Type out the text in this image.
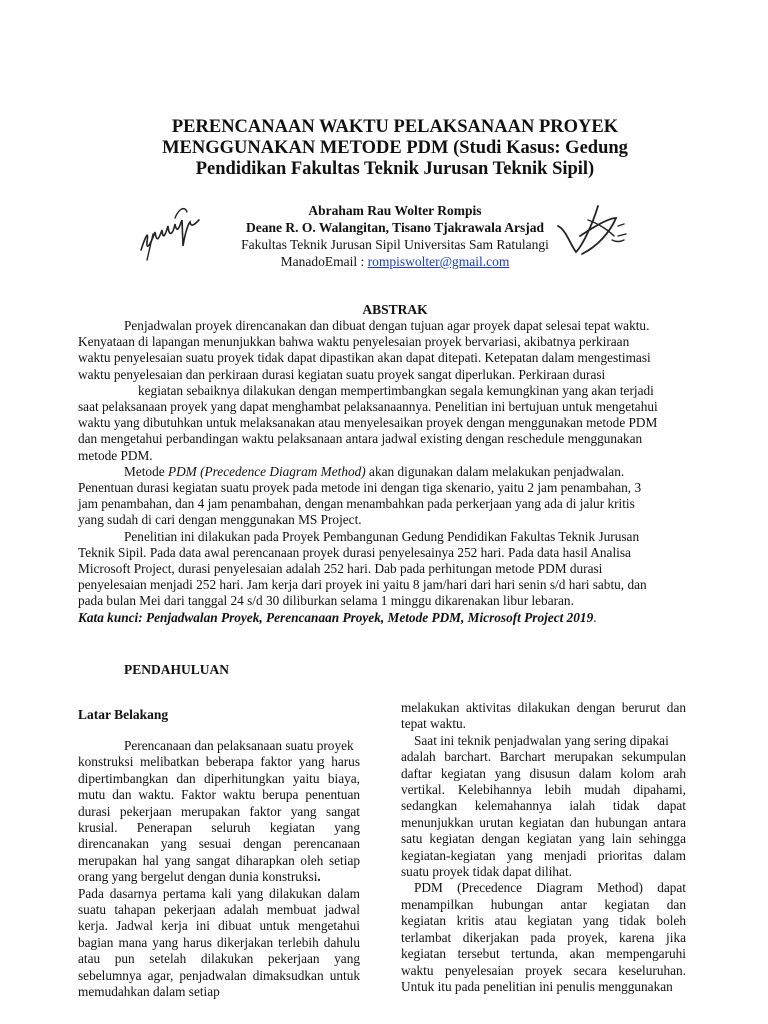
PERENCANAAN WAKTU PELAKSANAAN PROYEK
MENGGUNAKAN METODE PDM (Studi Kasus: Gedung
Pendidikan Fakultas Teknik Jurusan Teknik Sipil)
Abraham Rau Wolter Rompis
Deane R. O. Walangitan, Tisano Tjakrawala Arsjad
Fakultas Teknik Jurusan Sipil Universitas Sam Ratulangi
ManadoEmail : rompiswolter@gmail.com
ABSTRAK
Penjadwalan proyek direncanakan dan dibuat dengan tujuan agar proyek dapat selesai tepat waktu.
Kenyataan di lapangan menunjukkan bahwa waktu penyelesaian proyek bervariasi, akibatnya perkiraan
waktu penyelesaian suatu proyek tidak dapat dipastikan akan dapat ditepati. Ketepatan dalam mengestimasi
waktu penyelesaian dan perkiraan durasi kegiatan suatu proyek sangat diperlukan. Perkiraan durasi
kegiatan sebaiknya dilakukan dengan mempertimbangkan segala kemungkinan yang akan terjadi
saat pelaksanaan proyek yang dapat menghambat pelaksanaannya. Penelitian ini bertujuan untuk mengetahui
waktu yang dibutuhkan untuk melaksanakan atau menyelesaikan proyek dengan menggunakan metode PDM
dan mengetahui perbandingan waktu pelaksanaan antara jadwal existing dengan reschedule menggunakan
metode PDM.
Metode PDM (Precedence Diagram Method) akan digunakan dalam melakukan penjadwalan.
Penentuan durasi kegiatan suatu proyek pada metode ini dengan tiga skenario, yaitu 2 jam penambahan, 3
jam penambahan, dan 4 jam penambahan, dengan menambahkan pada perkerjaan yang ada di jalur kritis
yang sudah di cari dengan menggunakan MS Project.
Penelitian ini dilakukan pada Proyek Pembangunan Gedung Pendidikan Fakultas Teknik Jurusan
Teknik Sipil. Pada data awal perencanaan proyek durasi penyelesainya 252 hari. Pada data hasil Analisa
Microsoft Project, durasi penyelesaian adalah 252 hari. Dab pada perhitungan metode PDM durasi
penyelesaian menjadi 252 hari. Jam kerja dari proyek ini yaitu 8 jam/hari dari hari senin s/d hari sabtu, dan
pada bulan Mei dari tanggal 24 s/d 30 diliburkan selama 1 minggu dikarenakan libur lebaran.
Kata kunci: Penjadwalan Proyek, Perencanaan Proyek, Metode PDM, Microsoft Project 2019.
PENDAHULUAN
Latar Belakang
Perencanaan dan pelaksanaan suatu proyek
konstruksi melibatkan beberapa faktor yang harus
dipertimbangkan dan diperhitungkan yaitu biaya,
mutu dan waktu. Faktor waktu berupa penentuan
durasi pekerjaan merupakan faktor yang sangat
krusial. Penerapan seluruh kegiatan yang
direncanakan yang sesuai dengan perencanaan
merupakan hal yang sangat diharapkan oleh setiap
orang yang bergelut dengan dunia konstruksi.
Pada dasarnya pertama kali yang dilakukan dalam
suatu tahapan pekerjaan adalah membuat jadwal
kerja. Jadwal kerja ini dibuat untuk mengetahui
bagian mana yang harus dikerjakan terlebih dahulu
atau pun setelah dilakukan pekerjaan yang
sebelumnya agar, penjadwalan dimaksudkan untuk
memudahkan dalam setiap
melakukan aktivitas dilakukan dengan berurut dan
tepat waktu.
Saat ini teknik penjadwalan yang sering dipakai
adalah barchart. Barchart merupakan sekumpulan
daftar kegiatan yang disusun dalam kolom arah
vertikal. Kelebihannya lebih mudah dipahami,
sedangkan kelemahannya ialah tidak dapat
menunjukkan urutan kegiatan dan hubungan antara
satu kegiatan dengan kegiatan yang lain sehingga
kegiatan-kegiatan yang menjadi prioritas dalam
suatu proyek tidak dapat dilihat.
PDM (Precedence Diagram Method) dapat
menampilkan hubungan antar kegiatan dan
kegiatan kritis atau kegiatan yang tidak boleh
terlambat dikerjakan pada proyek, karena jika
kegiatan tersebut tertunda, akan mempengaruhi
waktu penyelesaian proyek secara keseluruhan.
Untuk itu pada penelitian ini penulis menggunakan
